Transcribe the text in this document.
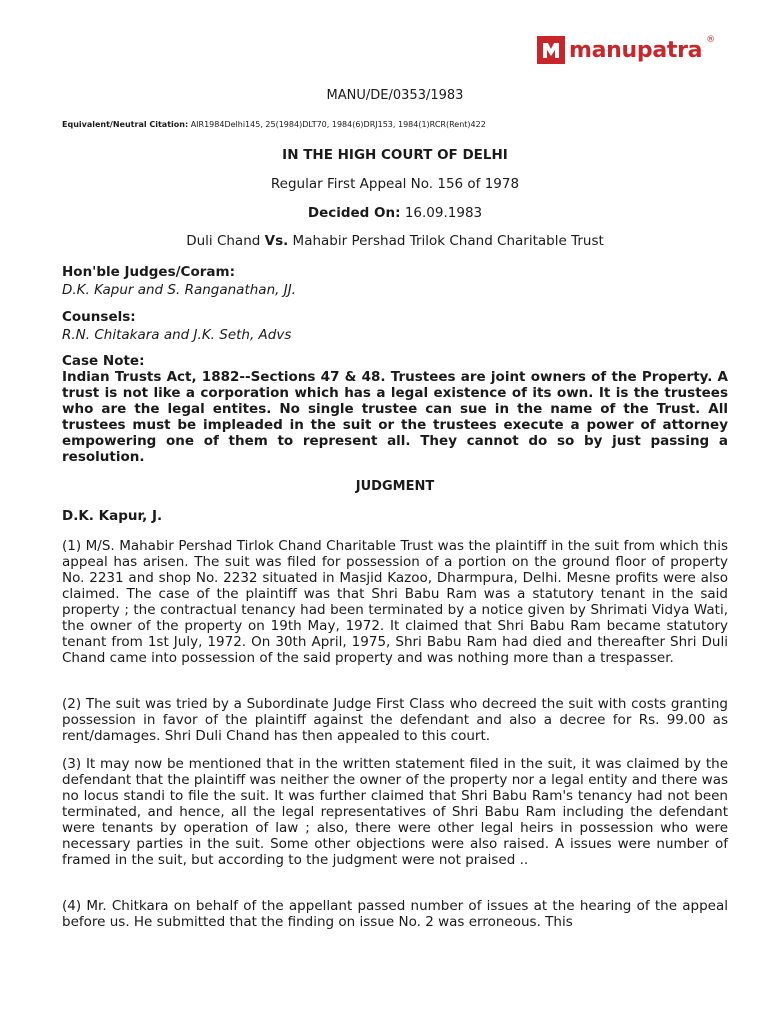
manupatra ®
MANU/DE/0353/1983
Equivalent/Neutral Citation: AIR1984Delhi145, 25(1984)DLT70, 1984(6)DRJ153, 1984(1)RCR(Rent)422
IN THE HIGH COURT OF DELHI
Regular First Appeal No. 156 of 1978
Decided On: 16.09.1983
Duli Chand Vs. Mahabir Pershad Trilok Chand Charitable Trust

Hon'ble Judges/Coram:

D.K. Kapur and S. Ranganathan, JJ.

Counsels:

R.N. Chitakara and J.K. Seth, Advs

Case Note:

Indian Trusts Act, 1882--Sections 47 & 48. Trustees are joint owners of the Property. A trust is not like a corporation which has a legal existence of its own. It is the trustees who are the legal entites. No single trustee can sue in the name of the Trust. All trustees must be impleaded in the suit or the trustees execute a power of attorney empowering one of them to represent all. They cannot do so by just passing a resolution.

JUDGMENT
D.K. Kapur, J.

(1) M/S. Mahabir Pershad Tirlok Chand Charitable Trust was the plaintiff in the suit from which this appeal has arisen. The suit was filed for possession of a portion on the ground floor of property No. 2231 and shop No. 2232 situated in Masjid Kazoo, Dharmpura, Delhi. Mesne profits were also claimed. The case of the plaintiff was that Shri Babu Ram was a statutory tenant in the said property ; the contractual tenancy had been terminated by a notice given by Shrimati Vidya Wati, the owner of the property on 19th May, 1972. It claimed that Shri Babu Ram became statutory tenant from 1st July, 1972. On 30th April, 1975, Shri Babu Ram had died and thereafter Shri Duli Chand came into possession of the said property and was nothing more than a trespasser.

(2) The suit was tried by a Subordinate Judge First Class who decreed the suit with costs granting possession in favor of the plaintiff against the defendant and also a decree for Rs. 99.00 as rent/damages. Shri Duli Chand has then appealed to this court.

(3) It may now be mentioned that in the written statement filed in the suit, it was claimed by the defendant that the plaintiff was neither the owner of the property nor a legal entity and there was no locus standi to file the suit. It was further claimed that Shri Babu Ram's tenancy had not been terminated, and hence, all the legal representatives of Shri Babu Ram including the defendant were tenants by operation of law ; also, there were other legal heirs in possession who were necessary parties in the suit. Some other objections were also raised. A issues were number of framed in the suit, but according to the judgment were not praised ..

(4) Mr. Chitkara on behalf of the appellant passed number of issues at the hearing of the appeal before us. He submitted that the finding on issue No. 2 was erroneous. This
